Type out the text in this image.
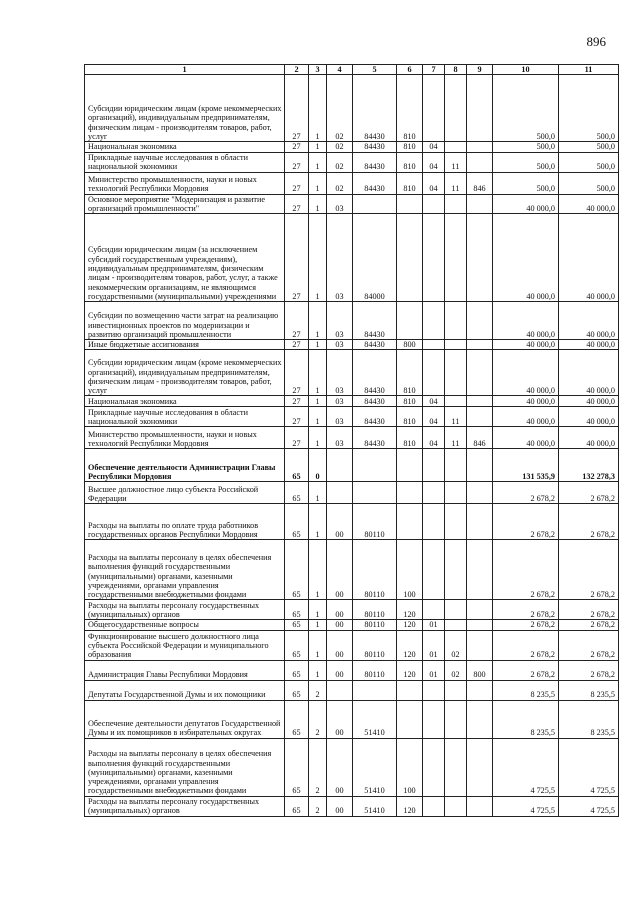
896
1	2	3	4	5	6	7	8	9	10	11
Субсидии юридическим лицам (кроме некоммерческих организаций), индивидуальным предпринимателям, физическим лицам - производителям товаров, работ, услуг	27	1	02	84430	810				500,0	500,0
Национальная экономика	27	1	02	84430	810	04			500,0	500,0
Прикладные научные исследования в области национальной экономики	27	1	02	84430	810	04	11		500,0	500,0
Министерство промышленности, науки и новых технологий Республики Мордовия	27	1	02	84430	810	04	11	846	500,0	500,0
Основное мероприятие "Модернизация и развитие организаций промышленности"	27	1	03						40 000,0	40 000,0
Субсидии юридическим лицам (за исключением субсидий государственным учреждениям), индивидуальным предпринимателям, физическим лицам - производителям товаров, работ, услуг, а также некоммерческим организациям, не являющимся государственными (муниципальными) учреждениями	27	1	03	84000					40 000,0	40 000,0
Субсидии по возмещению части затрат на реализацию инвестиционных проектов по модернизации и развитию организаций промышленности	27	1	03	84430					40 000,0	40 000,0
Иные бюджетные ассигнования	27	1	03	84430	800				40 000,0	40 000,0
Субсидии юридическим лицам (кроме некоммерческих организаций), индивидуальным предпринимателям, физическим лицам - производителям товаров, работ, услуг	27	1	03	84430	810				40 000,0	40 000,0
Национальная экономика	27	1	03	84430	810	04			40 000,0	40 000,0
Прикладные научные исследования в области национальной экономики	27	1	03	84430	810	04	11		40 000,0	40 000,0
Министерство промышленности, науки и новых технологий Республики Мордовия	27	1	03	84430	810	04	11	846	40 000,0	40 000,0
Обеспечение деятельности Администрации Главы Республики Мордовия	65	0							131 535,9	132 278,3
Высшее должностное лицо субъекта Российской Федерации	65	1							2 678,2	2 678,2
Расходы на выплаты по оплате труда работников государственных органов Республики Мордовия	65	1	00	80110					2 678,2	2 678,2
Расходы на выплаты персоналу в целях обеспечения выполнения функций государственными (муниципальными) органами, казенными учреждениями, органами управления государственными внебюджетными фондами	65	1	00	80110	100				2 678,2	2 678,2
Расходы на выплаты персоналу государственных (муниципальных) органов	65	1	00	80110	120				2 678,2	2 678,2
Общегосударственные вопросы	65	1	00	80110	120	01			2 678,2	2 678,2
Функционирование высшего должностного лица субъекта Российской Федерации и муниципального образования	65	1	00	80110	120	01	02		2 678,2	2 678,2
Администрация Главы Республики Мордовия	65	1	00	80110	120	01	02	800	2 678,2	2 678,2
Депутаты Государственной Думы и их помощники	65	2							8 235,5	8 235,5
Обеспечение деятельности депутатов Государственной Думы и их помощников в избирательных округах	65	2	00	51410					8 235,5	8 235,5
Расходы на выплаты персоналу в целях обеспечения выполнения функций государственными (муниципальными) органами, казенными учреждениями, органами управления государственными внебюджетными фондами	65	2	00	51410	100				4 725,5	4 725,5
Расходы на выплаты персоналу государственных (муниципальных) органов	65	2	00	51410	120				4 725,5	4 725,5
